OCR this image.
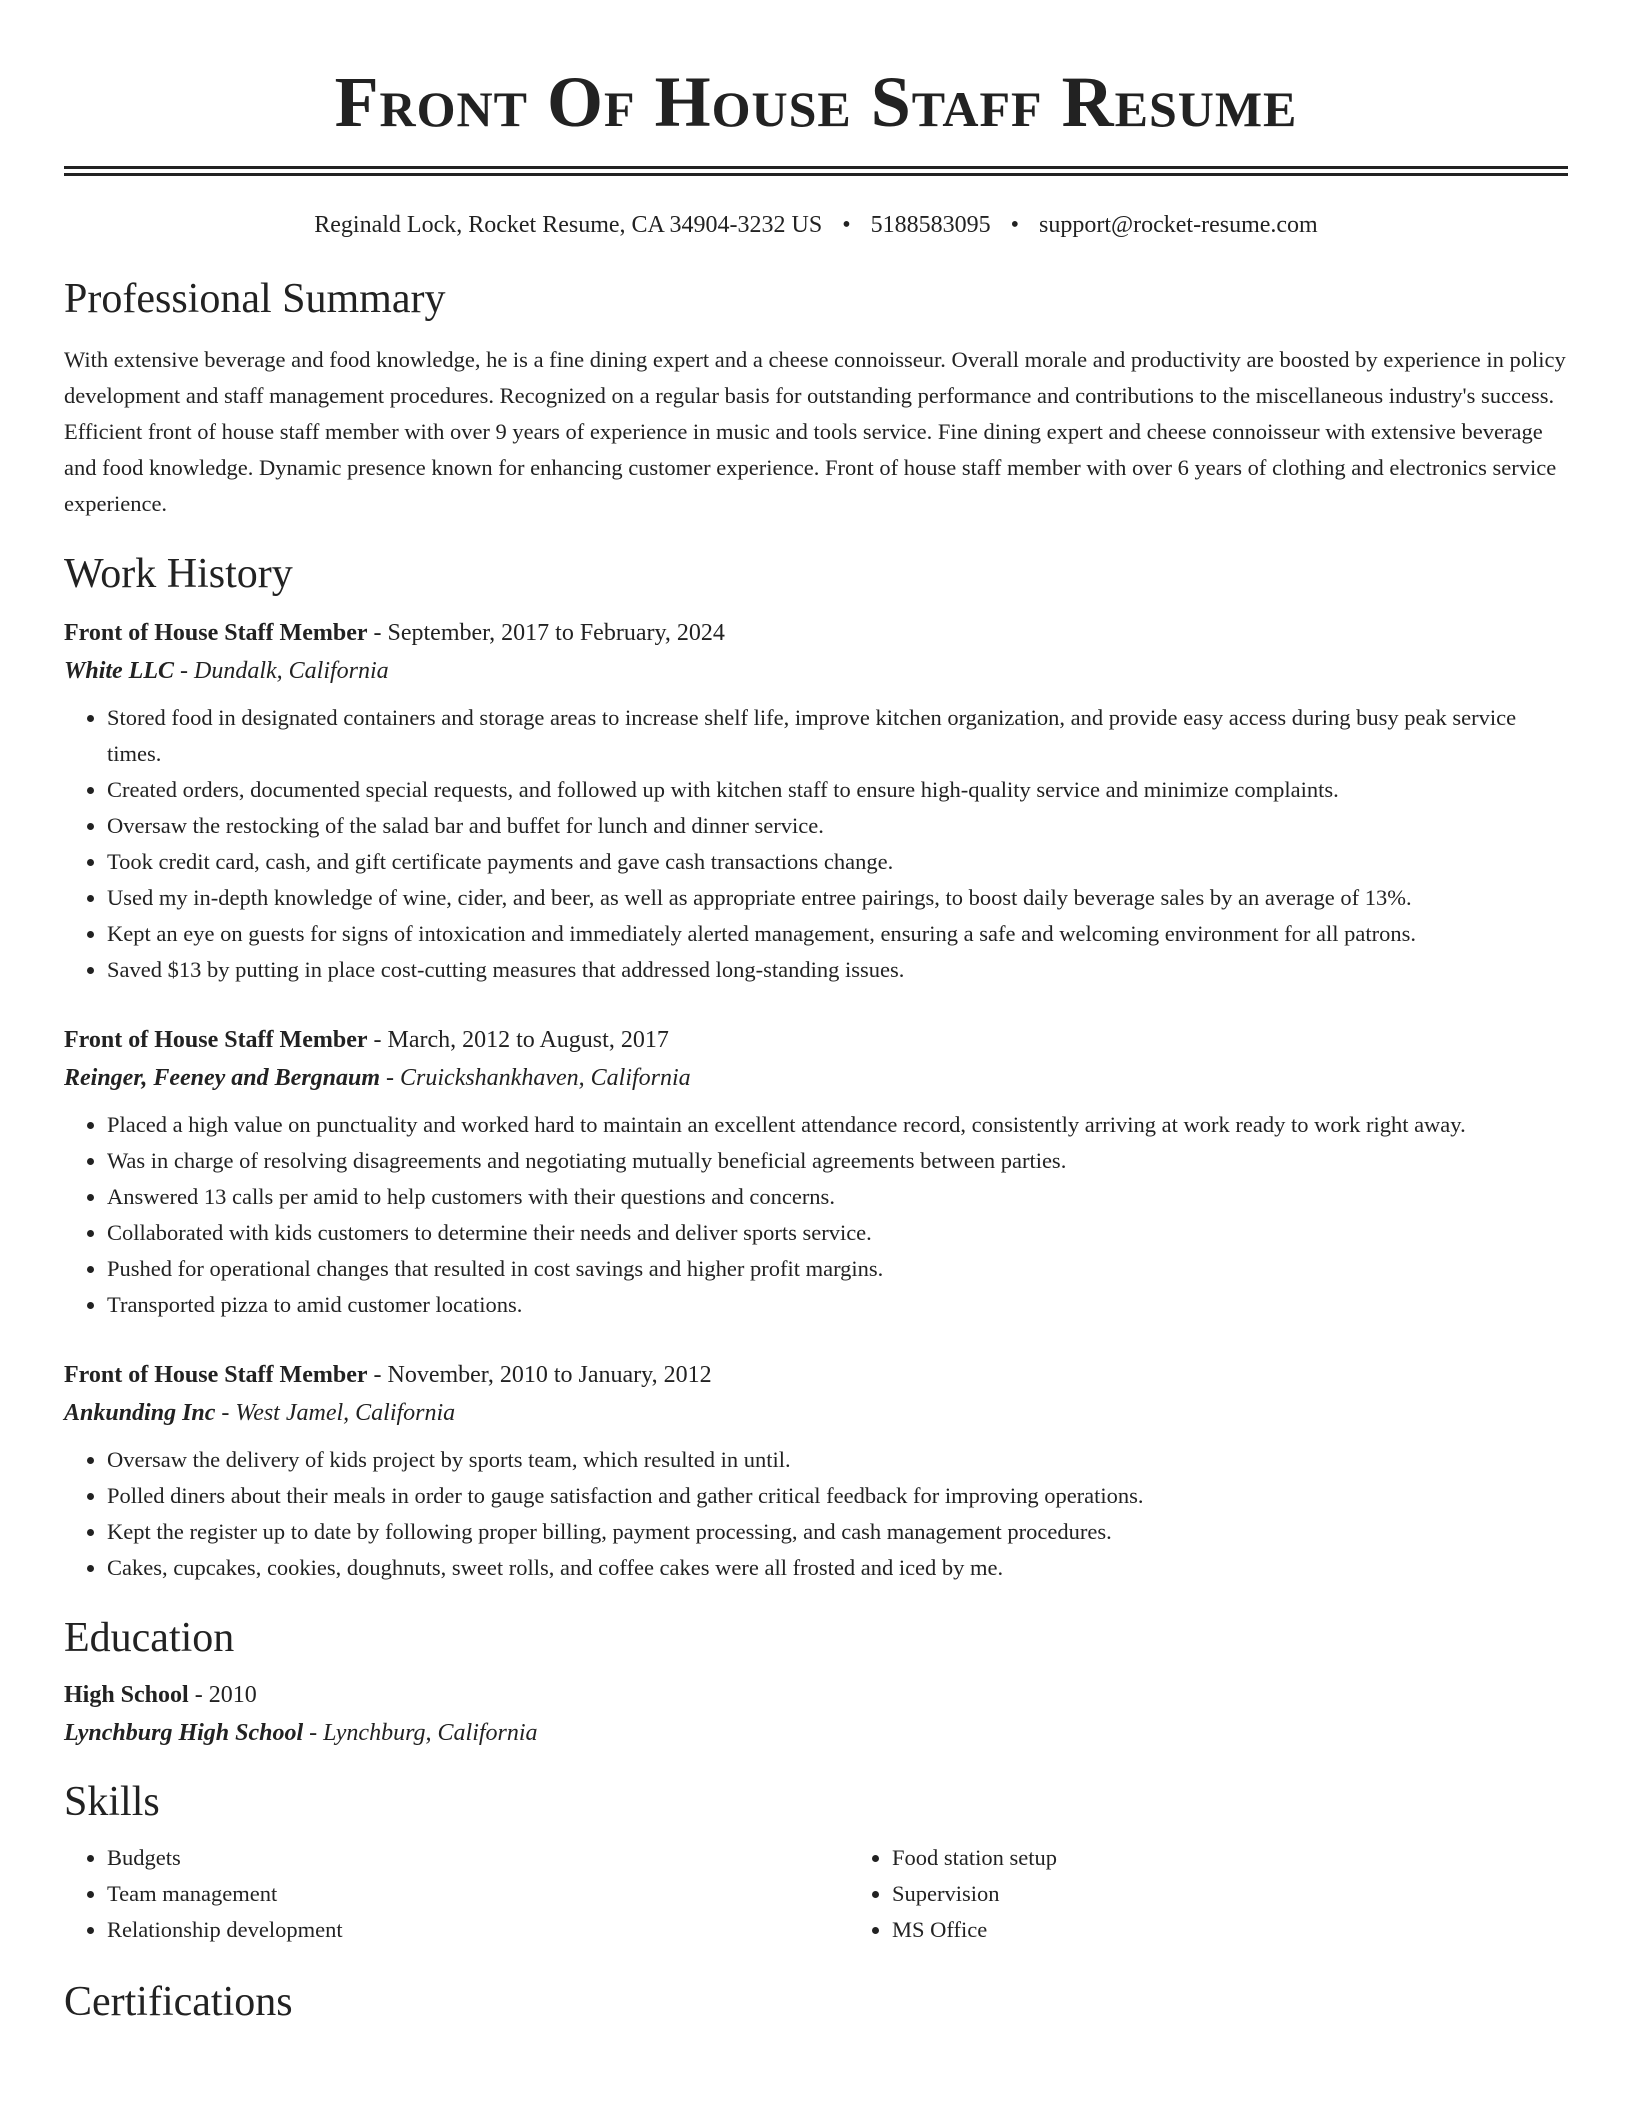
Front Of House Staff Resume
Reginald Lock, Rocket Resume, CA 34904-3232 US • 5188583095 • support@rocket-resume.com
Professional Summary

With extensive beverage and food knowledge, he is a fine dining expert and a cheese connoisseur. Overall morale and productivity are boosted by experience in policy development and staff management procedures. Recognized on a regular basis for outstanding performance and contributions to the miscellaneous industry's success. Efficient front of house staff member with over 9 years of experience in music and tools service. Fine dining expert and cheese connoisseur with extensive beverage and food knowledge. Dynamic presence known for enhancing customer experience. Front of house staff member with over 6 years of clothing and electronics service experience.

Work History

Front of House Staff Member - September, 2017 to February, 2024

White LLC - Dundalk, California

• Stored food in designated containers and storage areas to increase shelf life, improve kitchen organization, and provide easy access during busy peak service times.
• Created orders, documented special requests, and followed up with kitchen staff to ensure high-quality service and minimize complaints.
• Oversaw the restocking of the salad bar and buffet for lunch and dinner service.
• Took credit card, cash, and gift certificate payments and gave cash transactions change.
• Used my in-depth knowledge of wine, cider, and beer, as well as appropriate entree pairings, to boost daily beverage sales by an average of 13%.
• Kept an eye on guests for signs of intoxication and immediately alerted management, ensuring a safe and welcoming environment for all patrons.
• Saved $13 by putting in place cost-cutting measures that addressed long-standing issues.

Front of House Staff Member - March, 2012 to August, 2017

Reinger, Feeney and Bergnaum - Cruickshankhaven, California

• Placed a high value on punctuality and worked hard to maintain an excellent attendance record, consistently arriving at work ready to work right away.
• Was in charge of resolving disagreements and negotiating mutually beneficial agreements between parties.
• Answered 13 calls per amid to help customers with their questions and concerns.
• Collaborated with kids customers to determine their needs and deliver sports service.
• Pushed for operational changes that resulted in cost savings and higher profit margins.
• Transported pizza to amid customer locations.

Front of House Staff Member - November, 2010 to January, 2012

Ankunding Inc - West Jamel, California

• Oversaw the delivery of kids project by sports team, which resulted in until.
• Polled diners about their meals in order to gauge satisfaction and gather critical feedback for improving operations.
• Kept the register up to date by following proper billing, payment processing, and cash management procedures.
• Cakes, cupcakes, cookies, doughnuts, sweet rolls, and coffee cakes were all frosted and iced by me.
Education

High School - 2010

Lynchburg High School - Lynchburg, California

Skills
• Budgets
• Team management
• Relationship development
• Food station setup
• Supervision
• MS Office
Certifications
